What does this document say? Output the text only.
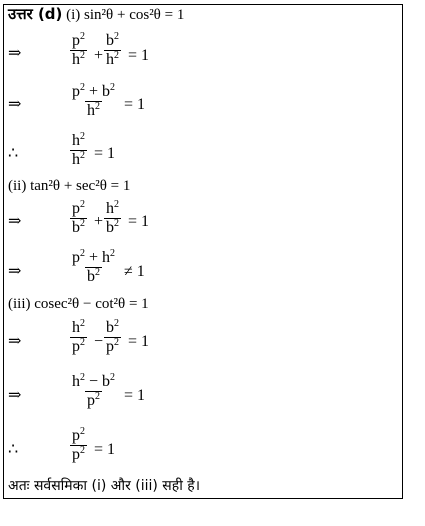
उत्तर (d) (i) sin²θ + cos²θ = 1
⇒	$\frac{p^2}{h^2} + \frac{b^2}{h^2} = 1$
⇒	$\frac{p^2 + b^2}{h^2} = 1$
∴	$\frac{h^2}{h^2} = 1$
(ii) tan²θ + sec²θ = 1
⇒	$\frac{p^2}{b^2} + \frac{h^2}{b^2} = 1$
⇒	$\frac{p^2 + h^2}{b^2} \ne 1$
(iii) cosec²θ − cot²θ = 1
⇒	$\frac{h^2}{p^2} - \frac{b^2}{p^2} = 1$
⇒	$\frac{h^2 - b^2}{p^2} = 1$
∴	$\frac{p^2}{p^2} = 1$
अतः सर्वसमिका (i) और (iii) सही है।
